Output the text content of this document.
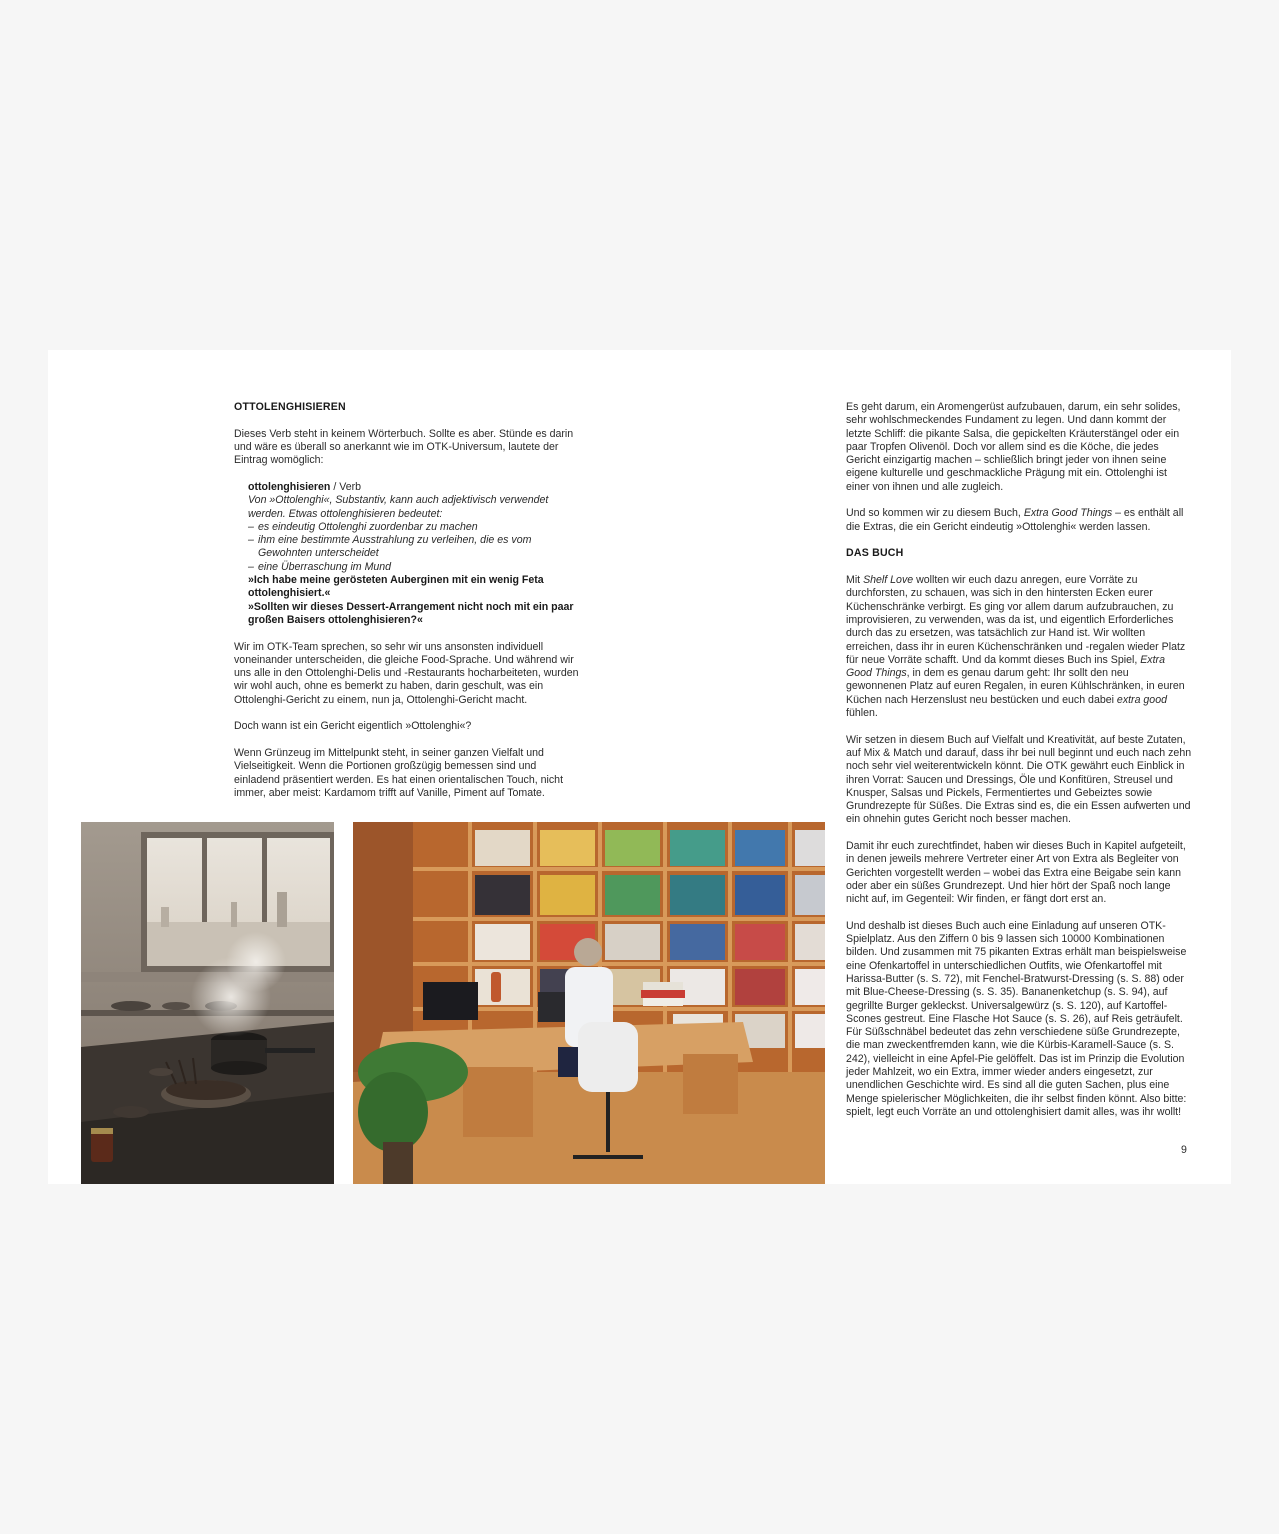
OTTOLENGHISIEREN

Dieses Verb steht in keinem Wörterbuch. Sollte es aber. Stünde es darin und wäre es überall so anerkannt wie im OTK-Universum, lautete der Eintrag womöglich:

ottolenghisieren / Verb
Von »Ottolenghi«, Substantiv, kann auch adjektivisch verwendet werden. Etwas ottolenghisieren bedeutet:
– es eindeutig Ottolenghi zuordenbar zu machen
– ihm eine bestimmte Ausstrahlung zu verleihen, die es vom
Gewohnten unterscheidet
– eine Überraschung im Mund
»Ich habe meine gerösteten Auberginen mit ein wenig Feta ottolenghisiert.«
»Sollten wir dieses Dessert-Arrangement nicht noch mit ein paar großen Baisers ottolenghisieren?«

Wir im OTK-Team sprechen, so sehr wir uns ansonsten individuell voneinander unterscheiden, die gleiche Food-Sprache. Und während wir uns alle in den Ottolenghi-Delis und -Restaurants hocharbeiteten, wurden wir wohl auch, ohne es bemerkt zu haben, darin geschult, was ein Ottolenghi-Gericht zu einem, nun ja, Ottolenghi-Gericht macht.

Doch wann ist ein Gericht eigentlich »Ottolenghi«?

Wenn Grünzeug im Mittelpunkt steht, in seiner ganzen Vielfalt und Vielseitigkeit. Wenn die Portionen großzügig bemessen sind und einladend präsentiert werden. Es hat einen orientalischen Touch, nicht immer, aber meist: Kardamom trifft auf Vanille, Piment auf Tomate.

Es geht darum, ein Aromengerüst aufzubauen, darum, ein sehr solides, sehr wohlschmeckendes Fundament zu legen. Und dann kommt der letzte Schliff: die pikante Salsa, die gepickelten Kräuterstängel oder ein paar Tropfen Olivenöl. Doch vor allem sind es die Köche, die jedes Gericht einzigartig machen – schließlich bringt jeder von ihnen seine eigene kulturelle und geschmackliche Prägung mit ein. Ottolenghi ist einer von ihnen und alle zugleich.

Und so kommen wir zu diesem Buch, Extra Good Things – es enthält all die Extras, die ein Gericht eindeutig »Ottolenghi« werden lassen.

DAS BUCH

Mit Shelf Love wollten wir euch dazu anregen, eure Vorräte zu durchforsten, zu schauen, was sich in den hintersten Ecken eurer Küchenschränke verbirgt. Es ging vor allem darum aufzubrauchen, zu improvisieren, zu verwenden, was da ist, und eigentlich Erforderliches durch das zu ersetzen, was tatsächlich zur Hand ist. Wir wollten erreichen, dass ihr in euren Küchenschränken und -regalen wieder Platz für neue Vorräte schafft. Und da kommt dieses Buch ins Spiel, Extra Good Things, in dem es genau darum geht: Ihr sollt den neu gewonnenen Platz auf euren Regalen, in euren Kühlschränken, in euren Küchen nach Herzenslust neu bestücken und euch dabei extra good fühlen.

Wir setzen in diesem Buch auf Vielfalt und Kreativität, auf beste Zutaten, auf Mix & Match und darauf, dass ihr bei null beginnt und euch nach zehn noch sehr viel weiterentwickeln könnt. Die OTK gewährt euch Einblick in ihren Vorrat: Saucen und Dressings, Öle und Konfitüren, Streusel und Knusper, Salsas und Pickels, Fermentiertes und Gebeiztes sowie Grundrezepte für Süßes. Die Extras sind es, die ein Essen aufwerten und ein ohnehin gutes Gericht noch besser machen.

Damit ihr euch zurechtfindet, haben wir dieses Buch in Kapitel aufgeteilt, in denen jeweils mehrere Vertreter einer Art von Extra als Begleiter von Gerichten vorgestellt werden – wobei das Extra eine Beigabe sein kann oder aber ein süßes Grundrezept. Und hier hört der Spaß noch lange nicht auf, im Gegenteil: Wir finden, er fängt dort erst an.

Und deshalb ist dieses Buch auch eine Einladung auf unseren OTK-Spielplatz. Aus den Ziffern 0 bis 9 lassen sich 10000 Kombinationen bilden. Und zusammen mit 75 pikanten Extras erhält man beispielsweise eine Ofenkartoffel in unterschiedlichen Outfits, wie Ofenkartoffel mit Harissa-Butter (s. S. 72), mit Fenchel-Bratwurst-Dressing (s. S. 88) oder mit Blue-Cheese-Dressing (s. S. 35). Bananenketchup (s. S. 94), auf gegrillte Burger gekleckst. Universalgewürz (s. S. 120), auf Kartoffel-Scones gestreut. Eine Flasche Hot Sauce (s. S. 26), auf Reis geträufelt. Für Süßschnäbel bedeutet das zehn verschiedene süße Grundrezepte, die man zweckentfremden kann, wie die Kürbis-Karamell-Sauce (s. S. 242), vielleicht in eine Apfel-Pie gelöffelt. Das ist im Prinzip die Evolution jeder Mahlzeit, wo ein Extra, immer wieder anders eingesetzt, zur unendlichen Geschichte wird. Es sind all die guten Sachen, plus eine Menge spielerischer Möglichkeiten, die ihr selbst finden könnt. Also bitte: spielt, legt euch Vorräte an und ottolenghisiert damit alles, was ihr wollt!

9
